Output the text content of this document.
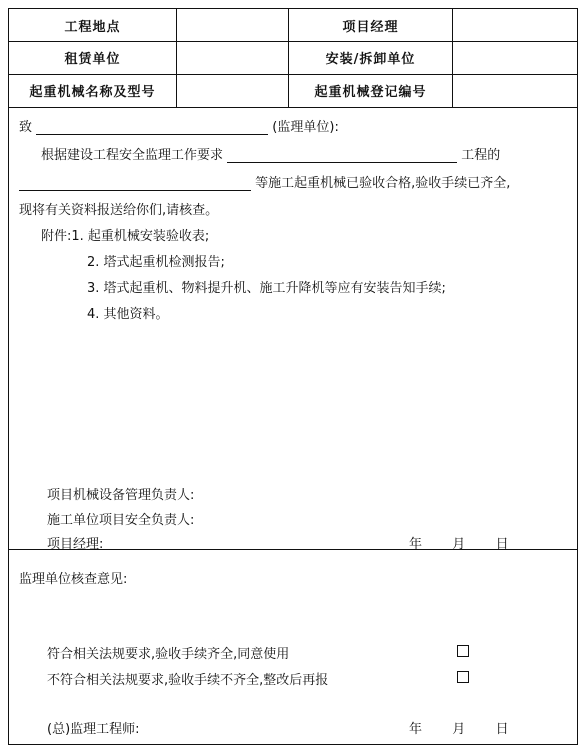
工程地点	项目经理
租赁单位	安装/拆卸单位
起重机械名称及型号	起重机械登记编号
致	(监理单位):
根据建设工程安全监理工作要求	工程的
等施工起重机械已验收合格,验收手续已齐全,
现将有关资料报送给你们,请核查。
附件:1. 起重机械安装验收表;
2. 塔式起重机检测报告;
3. 塔式起重机、物料提升机、施工升降机等应有安装告知手续;
4. 其他资料。
项目机械设备管理负责人:
施工单位项目安全负责人:
项目经理:	年 月 日
监理单位核查意见:
符合相关法规要求,验收手续齐全,同意使用
不符合相关法规要求,验收手续不齐全,整改后再报
(总)监理工程师:	年 月 日
